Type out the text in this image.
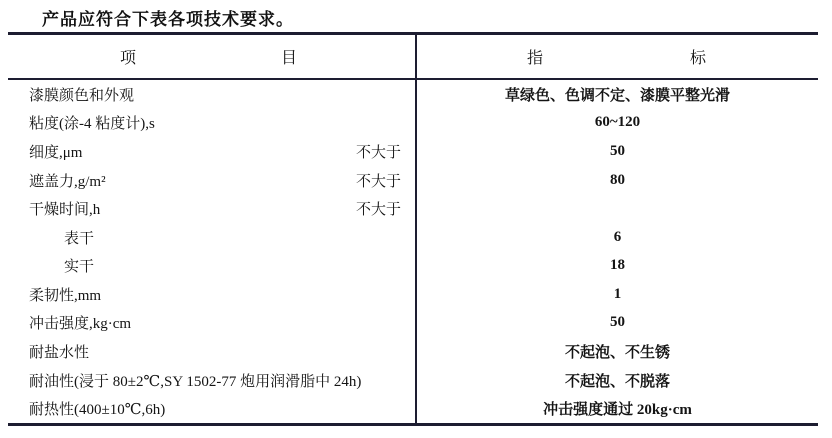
产品应符合下表各项技术要求。
项	目	指	标
漆膜颜色和外观	草绿色、色调不定、漆膜平整光滑
粘度(涂-4 粘度计),s	60~120
细度,μm	不大于	50
遮盖力,g/m²	不大于	80
干燥时间,h	不大于
表干	6
实干	18
柔韧性,mm	1
冲击强度,kg·cm	50
耐盐水性	不起泡、不生锈
耐油性(浸于 80±2℃,SY 1502-77 炮用润滑脂中 24h)	不起泡、不脱落
耐热性(400±10℃,6h)	冲击强度通过 20kg·cm
